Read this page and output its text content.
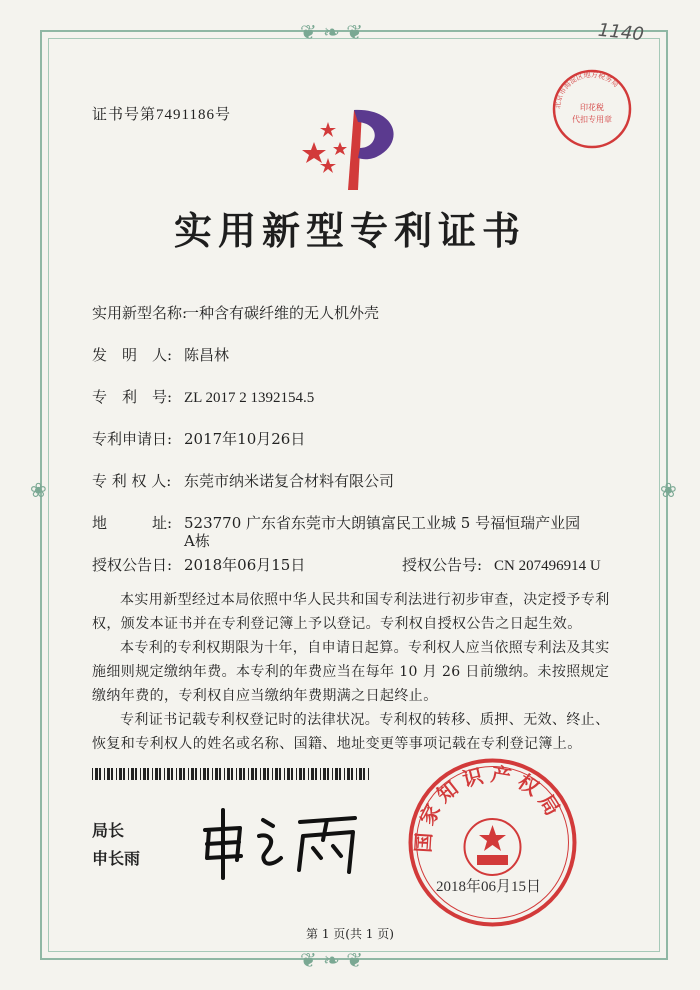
❦ ❧ ❦
❦ ❧ ❦
❀	❀
1140
证书号第7491186号	北京市海淀区地方税务局
印花税
代扣专用章
实用新型专利证书
实用新型名称:一种含有碳纤维的无人机外壳
发　明　人: 陈昌林
专　利　号: ZL 2017 2 1392154.5
专利申请日: 2017年10月26日
专 利 权 人: 东莞市纳米诺复合材料有限公司
地　　　址: 523770 广东省东莞市大朗镇富民工业城 5 号福恒瑞产业园
A栋
授权公告日: 2018年06月15日	授权公告号: CN 207496914 U

本实用新型经过本局依照中华人民共和国专利法进行初步审查，决定授予专利权，颁发本证书并在专利登记簿上予以登记。专利权自授权公告之日起生效。

本专利的专利权期限为十年，自申请日起算。专利权人应当依照专利法及其实施细则规定缴纳年费。本专利的年费应当在每年 10 月 26 日前缴纳。未按照规定缴纳年费的，专利权自应当缴纳年费期满之日起终止。

专利证书记载专利权登记时的法律状况。专利权的转移、质押、无效、终止、恢复和专利权人的姓名或名称、国籍、地址变更等事项记载在专利登记簿上。

局长
申长雨
国家知识产权局
2018年06月15日
第 1 页(共 1 页)
